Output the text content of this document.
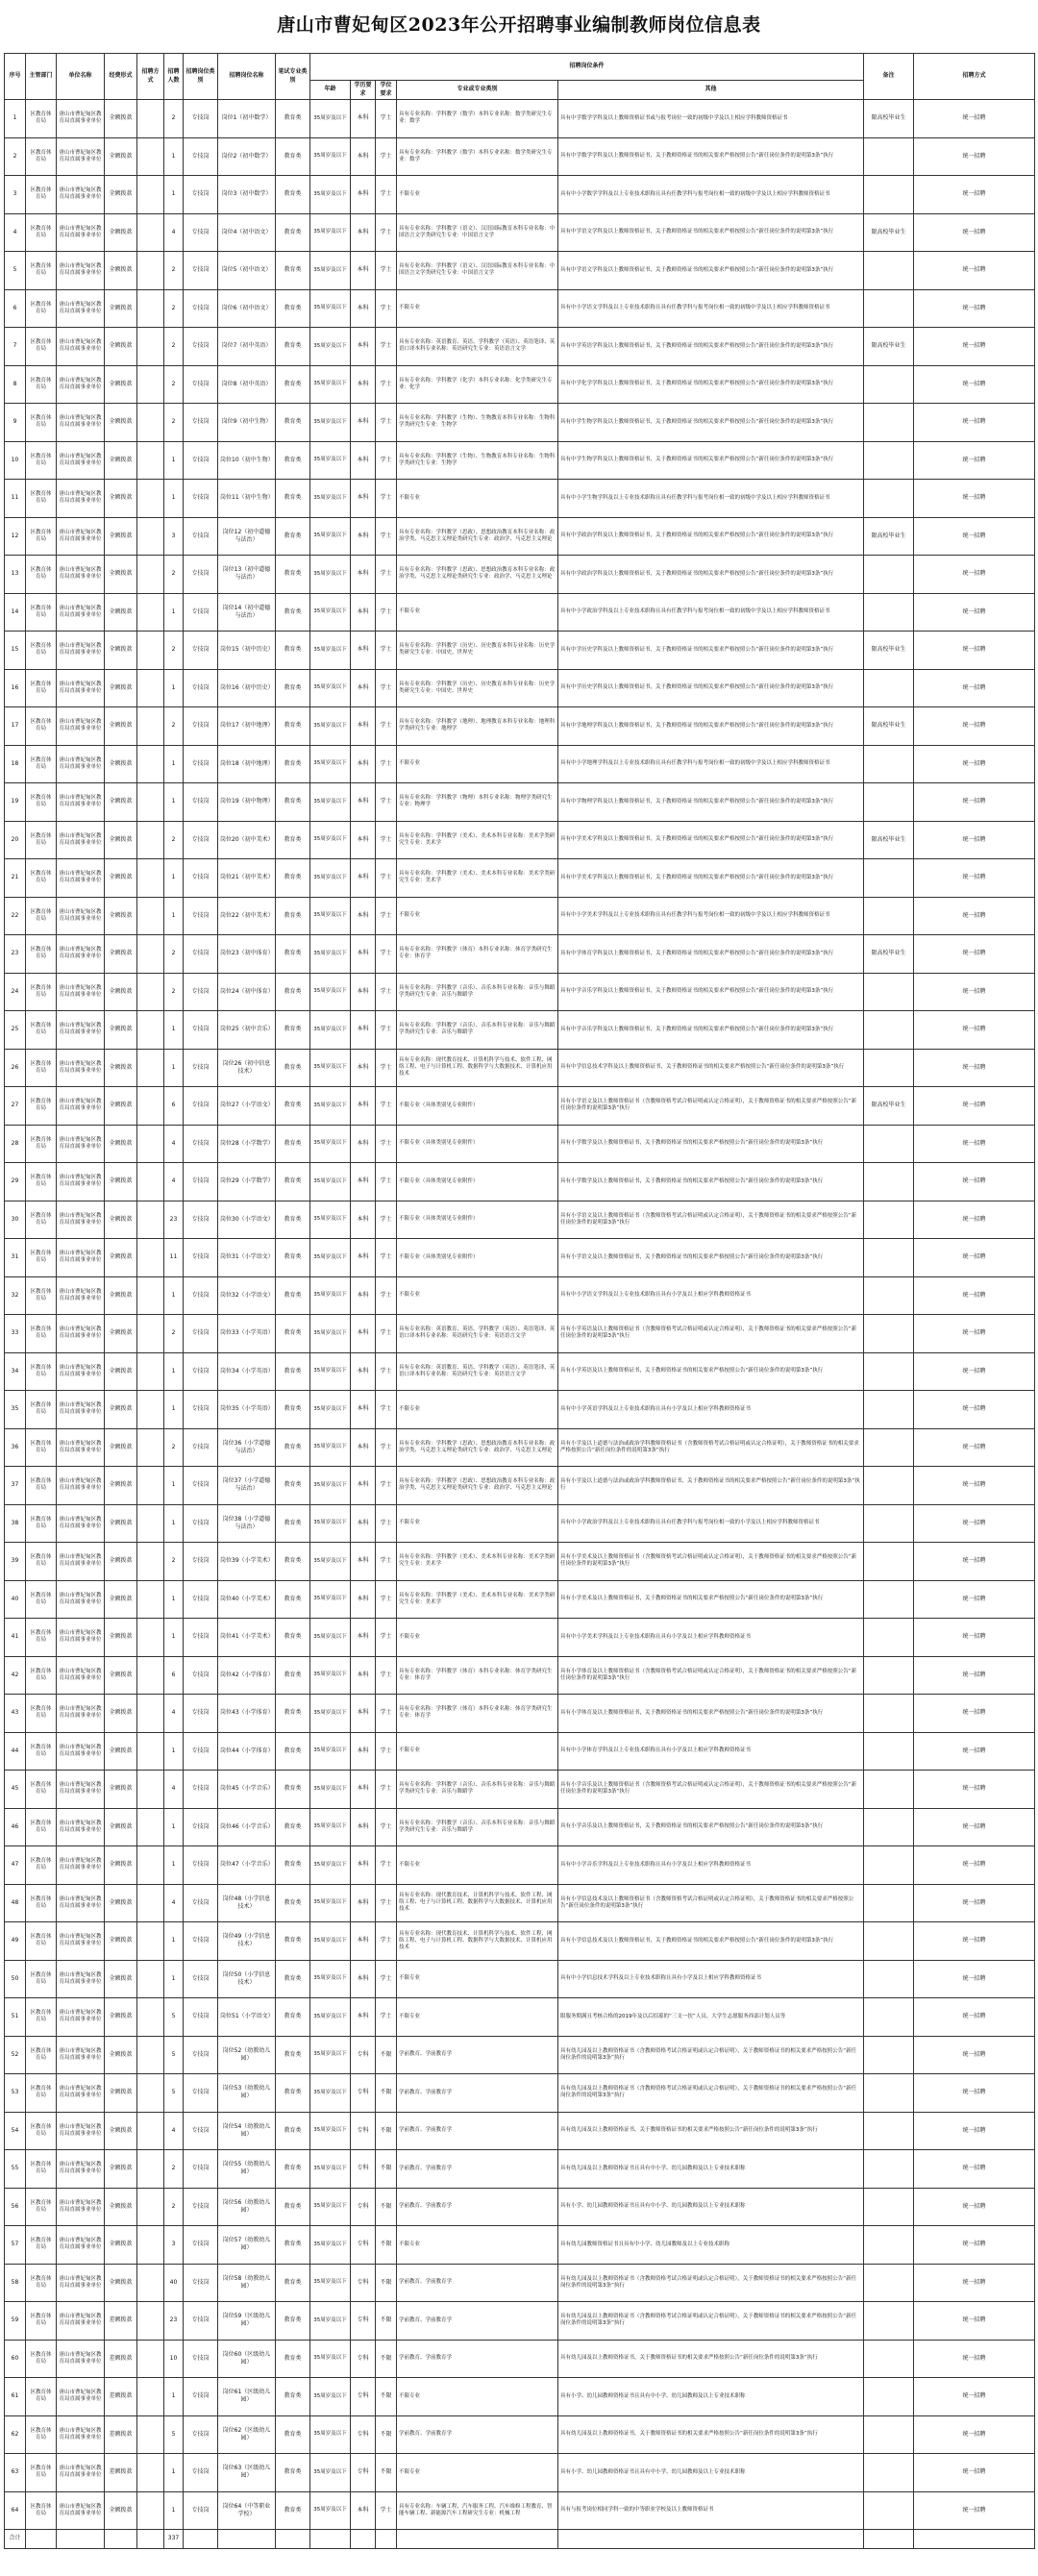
唐山市曹妃甸区2023年公开招聘事业编制教师岗位信息表
序号	主管部门	单位名称	经费形式	招聘方式	招聘人数	招聘岗位类别	招聘岗位名称	笔试专业类别	招聘岗位条件					备注	招聘方式
									年龄	学历要求	学位要求	专业或专业类别	其他		
1	区教育体育局	唐山市曹妃甸区教育局直属事业单位	全额拨款		2	专技岗	岗位1（初中数学）	教育类	35周岁及以下	本科	学士	具有专业名称：学科教学（数学）本科专业名称：数学类研究生专业：数学	具有中学数学学科及以上教师资格证书或与报考岗位一致的初级中学及以上相应学科教师资格证书	限高校毕业生	统一招聘
2	区教育体育局	唐山市曹妃甸区教育局直属事业单位	全额拨款		1	专技岗	岗位2（初中数学）	教育类	35周岁及以下	本科	学士	具有专业名称：学科教学（数学）本科专业名称：数学类研究生专业：数学	具有中学数学学科及以上教师资格证书，关于教师资格证书的相关要求严格按照公告“新任岗位条件的说明第3条”执行		统一招聘
3	区教育体育局	唐山市曹妃甸区教育局直属事业单位	全额拨款		1	专技岗	岗位3（初中数学）	教育类	35周岁及以下	本科	学士	不限专业	具有中小学数学学科及以上专业技术职称且具有任教学科与报考岗位相一致的初级中学及以上相应学科教师资格证书		统一招聘
4	区教育体育局	唐山市曹妃甸区教育局直属事业单位	全额拨款		4	专技岗	岗位4（初中语文）	教育类	35周岁及以下	本科	学士	具有专业名称：学科教学（语文）、汉语国际教育本科专业名称：中国语言文学类研究生专业：中国语言文学	具有中学语文学科及以上教师资格证书，关于教师资格证书的相关要求严格按照公告“新任岗位条件的说明第3条”执行	限高校毕业生	统一招聘
5	区教育体育局	唐山市曹妃甸区教育局直属事业单位	全额拨款		2	专技岗	岗位5（初中语文）	教育类	35周岁及以下	本科	学士	具有专业名称：学科教学（语文）、汉语国际教育本科专业名称：中国语言文学类研究生专业：中国语言文学	具有中学语文学科及以上教师资格证书，关于教师资格证书的相关要求严格按照公告“新任岗位条件的说明第3条”执行		统一招聘
6	区教育体育局	唐山市曹妃甸区教育局直属事业单位	全额拨款		2	专技岗	岗位6（初中语文）	教育类	35周岁及以下	本科	学士	不限专业	具有中小学语文学科及以上专业技术职称且具有任教学科与报考岗位相一致的初级中学及以上相应学科教师资格证书		统一招聘
7	区教育体育局	唐山市曹妃甸区教育局直属事业单位	全额拨款		2	专技岗	岗位7（初中英语）	教育类	35周岁及以下	本科	学士	具有专业名称：英语教育、英语、学科教学（英语）、英语笔译、英语口译本科专业名称：英语研究生专业：英语语言文学	具有中学英语学科及以上教师资格证书，关于教师资格证书的相关要求严格按照公告“新任岗位条件的说明第3条”执行	限高校毕业生	统一招聘
8	区教育体育局	唐山市曹妃甸区教育局直属事业单位	全额拨款		2	专技岗	岗位8（初中英语）	教育类	35周岁及以下	本科	学士	具有专业名称：学科教学（化学）本科专业名称：化学类研究生专业：化学	具有中学化学学科及以上教师资格证书，关于教师资格证书的相关要求严格按照公告“新任岗位条件的说明第3条”执行		统一招聘
9	区教育体育局	唐山市曹妃甸区教育局直属事业单位	全额拨款		2	专技岗	岗位9（初中生物）	教育类	35周岁及以下	本科	学士	具有专业名称：学科教学（生物）、生物教育本科专业名称：生物科学类研究生专业：生物学	具有中学生物学科及以上教师资格证书，关于教师资格证书的相关要求严格按照公告“新任岗位条件的说明第3条”执行		统一招聘
10	区教育体育局	唐山市曹妃甸区教育局直属事业单位	全额拨款		1	专技岗	岗位10（初中生物）	教育类	35周岁及以下	本科	学士	具有专业名称：学科教学（生物）、生物教育本科专业名称：生物科学类研究生专业：生物学	具有中学生物学科及以上教师资格证书，关于教师资格证书的相关要求严格按照公告“新任岗位条件的说明第3条”执行		统一招聘
11	区教育体育局	唐山市曹妃甸区教育局直属事业单位	全额拨款		1	专技岗	岗位11（初中生物）	教育类	35周岁及以下	本科	学士	不限专业	具有中小学生物学科及以上专业技术职称且具有任教学科与报考岗位相一致的初级中学及以上相应学科教师资格证书		统一招聘
12	区教育体育局	唐山市曹妃甸区教育局直属事业单位	全额拨款		3	专技岗	岗位12（初中道德与法治）	教育类	35周岁及以下	本科	学士	具有专业名称：学科教学（思政）、思想政治教育本科专业名称：政治学类、马克思主义理论类研究生专业：政治学、马克思主义理论	具有中学政治学科及以上教师资格证书，关于教师资格证书的相关要求严格按照公告“新任岗位条件的说明第3条”执行	限高校毕业生	统一招聘
13	区教育体育局	唐山市曹妃甸区教育局直属事业单位	全额拨款		2	专技岗	岗位13（初中道德与法治）	教育类	35周岁及以下	本科	学士	具有专业名称：学科教学（思政）、思想政治教育本科专业名称：政治学类、马克思主义理论类研究生专业：政治学、马克思主义理论	具有中学政治学科及以上教师资格证书，关于教师资格证书的相关要求严格按照公告“新任岗位条件的说明第3条”执行		统一招聘
14	区教育体育局	唐山市曹妃甸区教育局直属事业单位	全额拨款		1	专技岗	岗位14（初中道德与法治）	教育类	35周岁及以下	本科	学士	不限专业	具有中小学政治学科及以上专业技术职称且具有任教学科与报考岗位相一致的初级中学及以上相应学科教师资格证书		统一招聘
15	区教育体育局	唐山市曹妃甸区教育局直属事业单位	全额拨款		2	专技岗	岗位15（初中历史）	教育类	35周岁及以下	本科	学士	具有专业名称：学科教学（历史）、历史教育本科专业名称：历史学类研究生专业：中国史、世界史	具有中学历史学科及以上教师资格证书，关于教师资格证书的相关要求严格按照公告“新任岗位条件的说明第3条”执行	限高校毕业生	统一招聘
16	区教育体育局	唐山市曹妃甸区教育局直属事业单位	全额拨款		1	专技岗	岗位16（初中历史）	教育类	35周岁及以下	本科	学士	具有专业名称：学科教学（历史）、历史教育本科专业名称：历史学类研究生专业：中国史、世界史	具有中学历史学科及以上教师资格证书，关于教师资格证书的相关要求严格按照公告“新任岗位条件的说明第3条”执行		统一招聘
17	区教育体育局	唐山市曹妃甸区教育局直属事业单位	全额拨款		2	专技岗	岗位17（初中地理）	教育类	35周岁及以下	本科	学士	具有专业名称：学科教学（地理）、地理教育本科专业名称：地理科学类研究生专业：地理学	具有中学地理学科及以上教师资格证书，关于教师资格证书的相关要求严格按照公告“新任岗位条件的说明第3条”执行	限高校毕业生	统一招聘
18	区教育体育局	唐山市曹妃甸区教育局直属事业单位	全额拨款		1	专技岗	岗位18（初中地理）	教育类	35周岁及以下	本科	学士	不限专业	具有中小学地理学科及以上专业技术职称且具有任教学科与报考岗位相一致的初级中学及以上相应学科教师资格证书		统一招聘
19	区教育体育局	唐山市曹妃甸区教育局直属事业单位	全额拨款		1	专技岗	岗位19（初中物理）	教育类	35周岁及以下	本科	学士	具有专业名称：学科教学（物理）本科专业名称：物理学类研究生专业：物理学	具有中学物理学科及以上教师资格证书，关于教师资格证书的相关要求严格按照公告“新任岗位条件的说明第3条”执行		统一招聘
20	区教育体育局	唐山市曹妃甸区教育局直属事业单位	全额拨款		2	专技岗	岗位20（初中美术）	教育类	35周岁及以下	本科	学士	具有专业名称：学科教学（美术）、美术本科专业名称：美术学类研究生专业：美术学	具有中学美术学科及以上教师资格证书，关于教师资格证书的相关要求严格按照公告“新任岗位条件的说明第3条”执行	限高校毕业生	统一招聘
21	区教育体育局	唐山市曹妃甸区教育局直属事业单位	全额拨款		1	专技岗	岗位21（初中美术）	教育类	35周岁及以下	本科	学士	具有专业名称：学科教学（美术）、美术本科专业名称：美术学类研究生专业：美术学	具有中学美术学科及以上教师资格证书，关于教师资格证书的相关要求严格按照公告“新任岗位条件的说明第3条”执行		统一招聘
22	区教育体育局	唐山市曹妃甸区教育局直属事业单位	全额拨款		1	专技岗	岗位22（初中美术）	教育类	35周岁及以下	本科	学士	不限专业	具有中小学美术学科及以上专业技术职称且具有任教学科与报考岗位相一致的初级中学及以上相应学科教师资格证书		统一招聘
23	区教育体育局	唐山市曹妃甸区教育局直属事业单位	全额拨款		2	专技岗	岗位23（初中体育）	教育类	35周岁及以下	本科	学士	具有专业名称：学科教学（体育）本科专业名称：体育学类研究生专业：体育学	具有中学体育学科及以上教师资格证书，关于教师资格证书的相关要求严格按照公告“新任岗位条件的说明第3条”执行	限高校毕业生	统一招聘
24	区教育体育局	唐山市曹妃甸区教育局直属事业单位	全额拨款		2	专技岗	岗位24（初中体育）	教育类	35周岁及以下	本科	学士	具有专业名称：学科教学（音乐）、音乐本科专业名称：音乐与舞蹈学类研究生专业：音乐与舞蹈学	具有中学音乐学科及以上教师资格证书，关于教师资格证书的相关要求严格按照公告“新任岗位条件的说明第3条”执行		统一招聘
25	区教育体育局	唐山市曹妃甸区教育局直属事业单位	全额拨款		1	专技岗	岗位25（初中音乐）	教育类	35周岁及以下	本科	学士	具有专业名称：学科教学（音乐）、音乐本科专业名称：音乐与舞蹈学类研究生专业：音乐与舞蹈学	具有中学音乐学科及以上教师资格证书，关于教师资格证书的相关要求严格按照公告“新任岗位条件的说明第3条”执行		统一招聘
26	区教育体育局	唐山市曹妃甸区教育局直属事业单位	全额拨款		1	专技岗	岗位26（初中信息技术）	教育类	35周岁及以下	本科	学士	具有专业名称：现代教育技术、计算机科学与技术、软件工程、网络工程、电子与计算机工程、数据科学与大数据技术、计算机应用技术	具有中学信息技术学科及以上教师资格证书，关于教师资格证书的相关要求严格按照公告“新任岗位条件的说明第3条”执行		统一招聘
27	区教育体育局	唐山市曹妃甸区教育局直属事业单位	全额拨款		6	专技岗	岗位27（小学语文）	教育类	35周岁及以下	本科	学士	不限专业（具体类别见专业附件）	具有小学语文及以上教师资格证书（含教师资格考试合格证明或认定合格证明），关于教师资格证书的相关要求严格按照公告“新任岗位条件的说明第3条”执行	限高校毕业生	统一招聘
28	区教育体育局	唐山市曹妃甸区教育局直属事业单位	全额拨款		4	专技岗	岗位28（小学数学）	教育类	35周岁及以下	本科	学士	不限专业（具体类别见专业附件）	具有小学数学及以上教师资格证书，关于教师资格证书的相关要求严格按照公告“新任岗位条件的说明第3条”执行		统一招聘
29	区教育体育局	唐山市曹妃甸区教育局直属事业单位	全额拨款		4	专技岗	岗位29（小学数学）	教育类	35周岁及以下	本科	学士	不限专业（具体类别见专业附件）	具有小学数学及以上教师资格证书，关于教师资格证书的相关要求严格按照公告“新任岗位条件的说明第3条”执行		统一招聘
30	区教育体育局	唐山市曹妃甸区教育局直属事业单位	全额拨款		23	专技岗	岗位30（小学语文）	教育类	35周岁及以下	本科	学士	不限专业（具体类别见专业附件）	具有小学语文及以上教师资格证书（含教师资格考试合格证明或认定合格证明），关于教师资格证书的相关要求严格按照公告“新任岗位条件的说明第3条”执行		统一招聘
31	区教育体育局	唐山市曹妃甸区教育局直属事业单位	全额拨款		11	专技岗	岗位31（小学语文）	教育类	35周岁及以下	本科	学士	不限专业（具体类别见专业附件）	具有小学语文及以上教师资格证书，关于教师资格证书的相关要求严格按照公告“新任岗位条件的说明第3条”执行		统一招聘
32	区教育体育局	唐山市曹妃甸区教育局直属事业单位	全额拨款		1	专技岗	岗位32（小学语文）	教育类	35周岁及以下	本科	学士	不限专业	具有中小学语文学科及以上专业技术职称且具有小学及以上相应学科教师资格证书		统一招聘
33	区教育体育局	唐山市曹妃甸区教育局直属事业单位	全额拨款		2	专技岗	岗位33（小学英语）	教育类	35周岁及以下	本科	学士	具有专业名称：英语教育、英语、学科教学（英语）、英语笔译、英语口译本科专业名称：英语研究生专业：英语语言文学	具有小学英语及以上教师资格证书（含教师资格考试合格证明或认定合格证明），关于教师资格证书的相关要求严格按照公告“新任岗位条件的说明第3条”执行		统一招聘
34	区教育体育局	唐山市曹妃甸区教育局直属事业单位	全额拨款		1	专技岗	岗位34（小学英语）	教育类	35周岁及以下	本科	学士	具有专业名称：英语教育、英语、学科教学（英语）、英语笔译、英语口译本科专业名称：英语研究生专业：英语语言文学	具有小学英语及以上教师资格证书，关于教师资格证书的相关要求严格按照公告“新任岗位条件的说明第3条”执行		统一招聘
35	区教育体育局	唐山市曹妃甸区教育局直属事业单位	全额拨款		1	专技岗	岗位35（小学英语）	教育类	35周岁及以下	本科	学士	不限专业	具有中小学英语学科及以上专业技术职称且具有小学及以上相应学科教师资格证书		统一招聘
36	区教育体育局	唐山市曹妃甸区教育局直属事业单位	全额拨款		2	专技岗	岗位36（小学道德与法治）	教育类	35周岁及以下	本科	学士	具有专业名称：学科教学（思政）、思想政治教育本科专业名称：政治学类、马克思主义理论类研究生专业：政治学、马克思主义理论	具有小学及以上道德与法治或政治学科教师资格证书（含教师资格考试合格证明或认定合格证明），关于教师资格证书的相关要求严格按照公告“新任岗位条件的说明第3条”执行		统一招聘
37	区教育体育局	唐山市曹妃甸区教育局直属事业单位	全额拨款		1	专技岗	岗位37（小学道德与法治）	教育类	35周岁及以下	本科	学士	具有专业名称：学科教学（思政）、思想政治教育本科专业名称：政治学类、马克思主义理论类研究生专业：政治学、马克思主义理论	具有小学及以上道德与法治或政治学科教师资格证书，关于教师资格证书的相关要求严格按照公告“新任岗位条件的说明第3条”执行		统一招聘
38	区教育体育局	唐山市曹妃甸区教育局直属事业单位	全额拨款		1	专技岗	岗位38（小学道德与法治）	教育类	35周岁及以下	本科	学士	不限专业	具有中小学政治学科及以上专业技术职称且具有任教学科与报考岗位相一致的小学及以上相应学科教师资格证书		统一招聘
39	区教育体育局	唐山市曹妃甸区教育局直属事业单位	全额拨款		2	专技岗	岗位39（小学美术）	教育类	35周岁及以下	本科	学士	具有专业名称：学科教学（美术）、美术本科专业名称：美术学类研究生专业：美术学	具有小学美术及以上教师资格证书（含教师资格考试合格证明或认定合格证明），关于教师资格证书的相关要求严格按照公告“新任岗位条件的说明第3条”执行		统一招聘
40	区教育体育局	唐山市曹妃甸区教育局直属事业单位	全额拨款		1	专技岗	岗位40（小学美术）	教育类	35周岁及以下	本科	学士	具有专业名称：学科教学（美术）、美术本科专业名称：美术学类研究生专业：美术学	具有小学美术及以上教师资格证书，关于教师资格证书的相关要求严格按照公告“新任岗位条件的说明第3条”执行		统一招聘
41	区教育体育局	唐山市曹妃甸区教育局直属事业单位	全额拨款		1	专技岗	岗位41（小学美术）	教育类	35周岁及以下	本科	学士	不限专业	具有中小学美术学科及以上专业技术职称且具有小学及以上相应学科教师资格证书		统一招聘
42	区教育体育局	唐山市曹妃甸区教育局直属事业单位	全额拨款		6	专技岗	岗位42（小学体育）	教育类	35周岁及以下	本科	学士	具有专业名称：学科教学（体育）本科专业名称：体育学类研究生专业：体育学	具有小学体育及以上教师资格证书（含教师资格考试合格证明或认定合格证明），关于教师资格证书的相关要求严格按照公告“新任岗位条件的说明第3条”执行		统一招聘
43	区教育体育局	唐山市曹妃甸区教育局直属事业单位	全额拨款		4	专技岗	岗位43（小学体育）	教育类	35周岁及以下	本科	学士	具有专业名称：学科教学（体育）本科专业名称：体育学类研究生专业：体育学	具有小学体育及以上教师资格证书，关于教师资格证书的相关要求严格按照公告“新任岗位条件的说明第3条”执行		统一招聘
44	区教育体育局	唐山市曹妃甸区教育局直属事业单位	全额拨款		1	专技岗	岗位44（小学体育）	教育类	35周岁及以下	本科	学士	不限专业	具有中小学体育学科及以上专业技术职称且具有小学及以上相应学科教师资格证书		统一招聘
45	区教育体育局	唐山市曹妃甸区教育局直属事业单位	全额拨款		4	专技岗	岗位45（小学音乐）	教育类	35周岁及以下	本科	学士	具有专业名称：学科教学（音乐）、音乐本科专业名称：音乐与舞蹈学类研究生专业：音乐与舞蹈学	具有小学音乐及以上教师资格证书（含教师资格考试合格证明或认定合格证明），关于教师资格证书的相关要求严格按照公告“新任岗位条件的说明第3条”执行		统一招聘
46	区教育体育局	唐山市曹妃甸区教育局直属事业单位	全额拨款		1	专技岗	岗位46（小学音乐）	教育类	35周岁及以下	本科	学士	具有专业名称：学科教学（音乐）、音乐本科专业名称：音乐与舞蹈学类研究生专业：音乐与舞蹈学	具有小学音乐及以上教师资格证书，关于教师资格证书的相关要求严格按照公告“新任岗位条件的说明第3条”执行		统一招聘
47	区教育体育局	唐山市曹妃甸区教育局直属事业单位	全额拨款		1	专技岗	岗位47（小学音乐）	教育类	35周岁及以下	本科	学士	不限专业	具有中小学音乐学科及以上专业技术职称且具有小学及以上相应学科教师资格证书		统一招聘
48	区教育体育局	唐山市曹妃甸区教育局直属事业单位	全额拨款		4	专技岗	岗位48（小学信息技术）	教育类	35周岁及以下	本科	学士	具有专业名称：现代教育技术、计算机科学与技术、软件工程、网络工程、电子与计算机工程、数据科学与大数据技术、计算机应用技术	具有小学信息技术及以上教师资格证书（含教师资格考试合格证明或认定合格证明），关于教师资格证书的相关要求严格按照公告“新任岗位条件的说明第3条”执行		统一招聘
49	区教育体育局	唐山市曹妃甸区教育局直属事业单位	全额拨款		1	专技岗	岗位49（小学信息技术）	教育类	35周岁及以下	本科	学士	具有专业名称：现代教育技术、计算机科学与技术、软件工程、网络工程、电子与计算机工程、数据科学与大数据技术、计算机应用技术	具有小学信息技术及以上教师资格证书，关于教师资格证书的相关要求严格按照公告“新任岗位条件的说明第3条”执行		统一招聘
50	区教育体育局	唐山市曹妃甸区教育局直属事业单位	全额拨款		1	专技岗	岗位50（小学信息技术）	教育类	35周岁及以下	本科	学士	不限专业	具有中小学信息技术学科及以上专业技术职称且具有小学及以上相应学科教师资格证书		统一招聘
51	区教育体育局	唐山市曹妃甸区教育局直属事业单位	全额拨款		5	专技岗	岗位51（小学语文）	教育类	35周岁及以下	本科	学士	不限专业	限服务期满且考核合格的2019年及以后招募的“三支一扶”人员、大学生志愿服务西部计划人员等		统一招聘
52	区教育体育局	唐山市曹妃甸区教育局直属事业单位	全额拨款		5	专技岗	岗位52（幼教幼儿园）	教育类	35周岁及以下	专科	不限	学前教育、学前教育学	具有幼儿园及以上教师资格证书（含教师资格考试合格证明或认定合格证明），关于教师资格证书的相关要求严格按照公告“新任岗位条件的说明第3条”执行		统一招聘
53	区教育体育局	唐山市曹妃甸区教育局直属事业单位	全额拨款		5	专技岗	岗位53（幼教幼儿园）	教育类	35周岁及以下	专科	不限	学前教育、学前教育学	具有幼儿园及以上教师资格证书（含教师资格考试合格证明或认定合格证明），关于教师资格证书的相关要求严格按照公告“新任岗位条件的说明第3条”执行		统一招聘
54	区教育体育局	唐山市曹妃甸区教育局直属事业单位	全额拨款		4	专技岗	岗位54（幼教幼儿园）	教育类	35周岁及以下	专科	不限	学前教育、学前教育学	具有幼儿园及以上教师资格证书，关于教师资格证书的相关要求严格按照公告“新任岗位条件的说明第3条”执行		统一招聘
55	区教育体育局	唐山市曹妃甸区教育局直属事业单位	全额拨款		2	专技岗	岗位55（幼教幼儿园）	教育类	35周岁及以下	专科	不限	学前教育、学前教育学	具有幼儿园及以上教师资格证书且具有中小学、幼儿园教师及以上专业技术职称		统一招聘
56	区教育体育局	唐山市曹妃甸区教育局直属事业单位	全额拨款		2	专技岗	岗位56（幼教幼儿园）	教育类	35周岁及以下	专科	不限	学前教育、学前教育学	具有小学、幼儿园教师资格证书且具有中小学、幼儿园教师及以上专业技术职称		统一招聘
57	区教育体育局	唐山市曹妃甸区教育局直属事业单位	全额拨款		3	专技岗	岗位57（幼教幼儿园）	教育类	35周岁及以下	专科	不限	不限专业	具有幼儿园教师资格证书且具有中小学、幼儿园教师及以上专业技术职称		统一招聘
58	区教育体育局	唐山市曹妃甸区教育局直属事业单位	全额拨款		40	专技岗	岗位58（幼教幼儿园）	教育类	35周岁及以下	专科	不限	学前教育、学前教育学	具有幼儿园及以上教师资格证书（含教师资格考试合格证明或认定合格证明），关于教师资格证书的相关要求严格按照公告“新任岗位条件的说明第3条”执行		统一招聘
59	区教育体育局	唐山市曹妃甸区教育局直属事业单位	差额拨款		23	专技岗	岗位59（区级幼儿园）	教育类	35周岁及以下	专科	不限	学前教育、学前教育学	具有幼儿园及以上教师资格证书（含教师资格考试合格证明或认定合格证明），关于教师资格证书的相关要求严格按照公告“新任岗位条件的说明第3条”执行		统一招聘
60	区教育体育局	唐山市曹妃甸区教育局直属事业单位	差额拨款		10	专技岗	岗位60（区级幼儿园）	教育类	35周岁及以下	专科	不限	学前教育、学前教育学	具有幼儿园及以上教师资格证书，关于教师资格证书的相关要求严格按照公告“新任岗位条件的说明第3条”执行		统一招聘
61	区教育体育局	唐山市曹妃甸区教育局直属事业单位	差额拨款		1	专技岗	岗位61（区级幼儿园）	教育类	35周岁及以下	专科	不限	不限专业	具有小学、幼儿园教师资格证书且具有中小学、幼儿园教师及以上专业技术职称		统一招聘
62	区教育体育局	唐山市曹妃甸区教育局直属事业单位	差额拨款		5	专技岗	岗位62（区级幼儿园）	教育类	35周岁及以下	专科	不限	学前教育、学前教育学	具有幼儿园及以上教师资格证书，关于教师资格证书的相关要求严格按照公告“新任岗位条件的说明第3条”执行		统一招聘
63	区教育体育局	唐山市曹妃甸区教育局直属事业单位	差额拨款		1	专技岗	岗位63（区级幼儿园）	教育类	35周岁及以下	专科	不限	不限专业	具有小学、幼儿园教师资格证书且具有中小学、幼儿园教师及以上专业技术职称		统一招聘
64	区教育体育局	唐山市曹妃甸区教育局直属事业单位	全额拨款		1	专技岗	岗位64（中等职业学校）	教育类	35周岁及以下	本科	学士	具有专业名称：车辆工程、汽车服务工程、汽车维修工程教育、智能车辆工程、新能源汽车工程研究生专业：机械工程	具有与报考岗位相同学科一致的中等职业学校及以上教师资格证书		统一招聘
合计					337										
